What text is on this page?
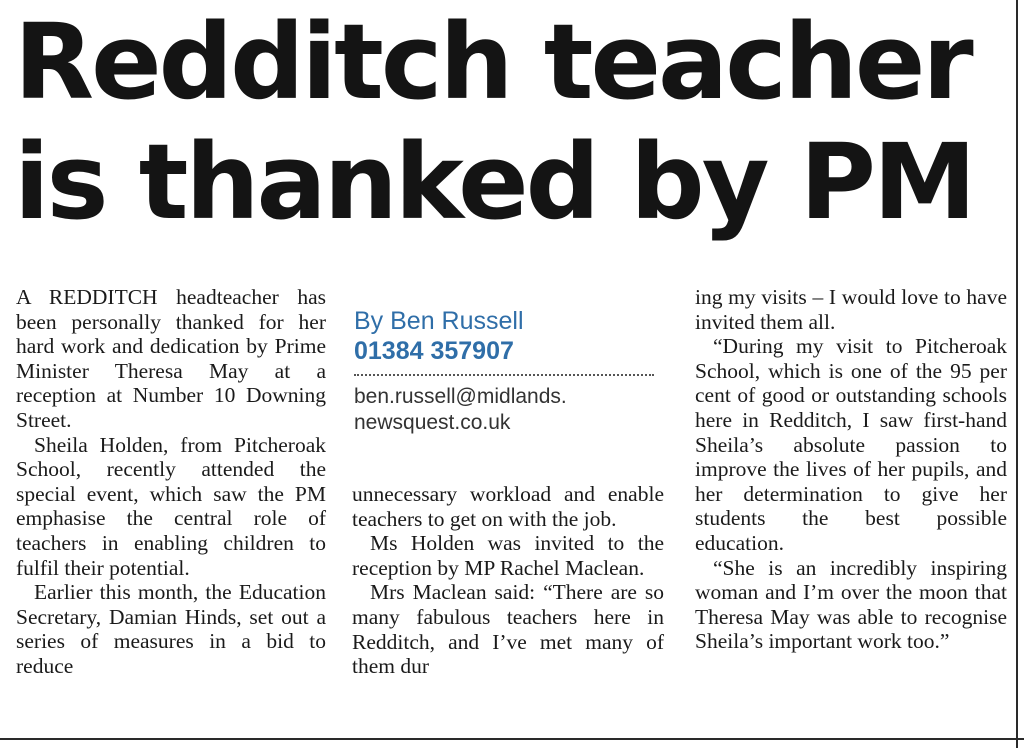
Redditch teacher
is thanked by PM

A REDDITCH headteacher has been personally thanked for her hard work and dedication by Prime Minister Theresa May at a reception at Number 10 Downing Street.

Sheila Holden, from Pitcheroak School, recently attended the special event, which saw the PM emphasise the central role of teachers in enabling children to fulfil their potential.

Earlier this month, the Education Secretary, Damian Hinds, set out a series of measures in a bid to reduce

By Ben Russell
01384 357907
ben.russell@midlands.
newsquest.co.uk

unnecessary workload and enable teachers to get on with the job.

Ms Holden was invited to the reception by MP Rachel Maclean.

Mrs Maclean said: “There are so many fabulous teachers here in Redditch, and I’ve met many of them dur

ing my visits – I would love to have invited them all.

“During my visit to Pitcheroak School, which is one of the 95 per cent of good or outstanding schools here in Redditch, I saw first-hand Sheila’s absolute passion to improve the lives of her pupils, and her determination to give her students the best possible education.

“She is an incredibly inspiring woman and I’m over the moon that Theresa May was able to recognise Sheila’s important work too.”
